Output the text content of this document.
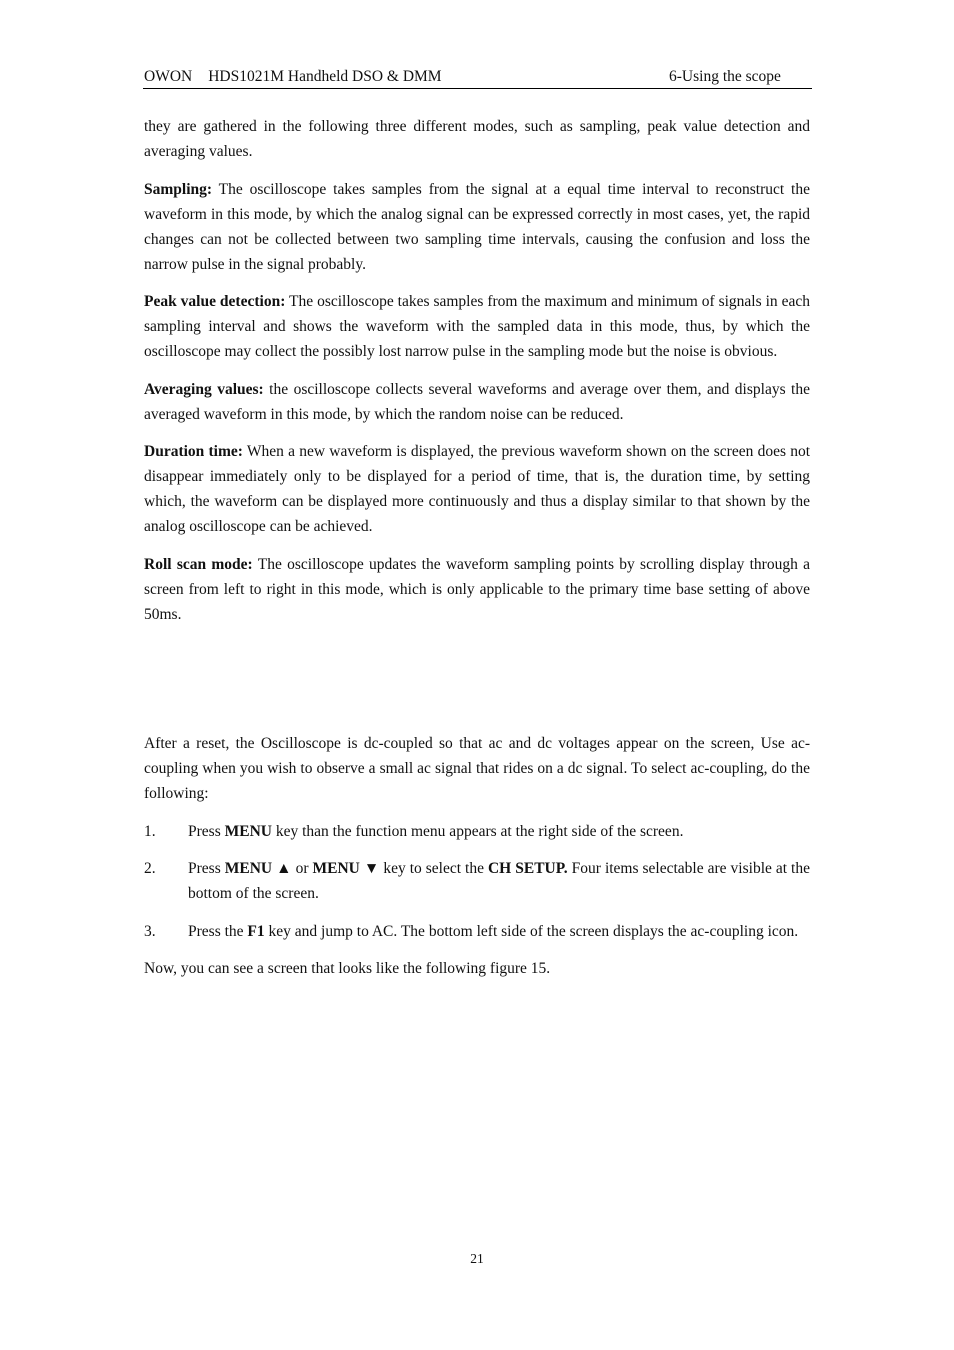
OWON HDS1021M Handheld DSO & DMM	6-Using the scope

they are gathered in the following three different modes, such as sampling, peak value detection and averaging values.

Sampling: The oscilloscope takes samples from the signal at a equal time interval to reconstruct the waveform in this mode, by which the analog signal can be expressed correctly in most cases, yet, the rapid changes can not be collected between two sampling time intervals, causing the confusion and loss the narrow pulse in the signal probably.

Peak value detection: The oscilloscope takes samples from the maximum and minimum of signals in each sampling interval and shows the waveform with the sampled data in this mode, thus, by which the oscilloscope may collect the possibly lost narrow pulse in the sampling mode but the noise is obvious.

Averaging values: the oscilloscope collects several waveforms and average over them, and displays the averaged waveform in this mode, by which the random noise can be reduced.

Duration time: When a new waveform is displayed, the previous waveform shown on the screen does not disappear immediately only to be displayed for a period of time, that is, the duration time, by setting which, the waveform can be displayed more continuously and thus a display similar to that shown by the analog oscilloscope can be achieved.

Roll scan mode: The oscilloscope updates the waveform sampling points by scrolling display through a screen from left to right in this mode, which is only applicable to the primary time base setting of above 50ms.

After a reset, the Oscilloscope is dc-coupled so that ac and dc voltages appear on the screen, Use ac-coupling when you wish to observe a small ac signal that rides on a dc signal. To select ac-coupling, do the following:

1. Press MENU key than the function menu appears at the right side of the screen.
2. Press MENU ▲ or MENU ▼ key to select the CH SETUP. Four items selectable are visible at the bottom of the screen.
3. Press the F1 key and jump to AC. The bottom left side of the screen displays the ac-coupling icon.

Now, you can see a screen that looks like the following figure 15.

21
